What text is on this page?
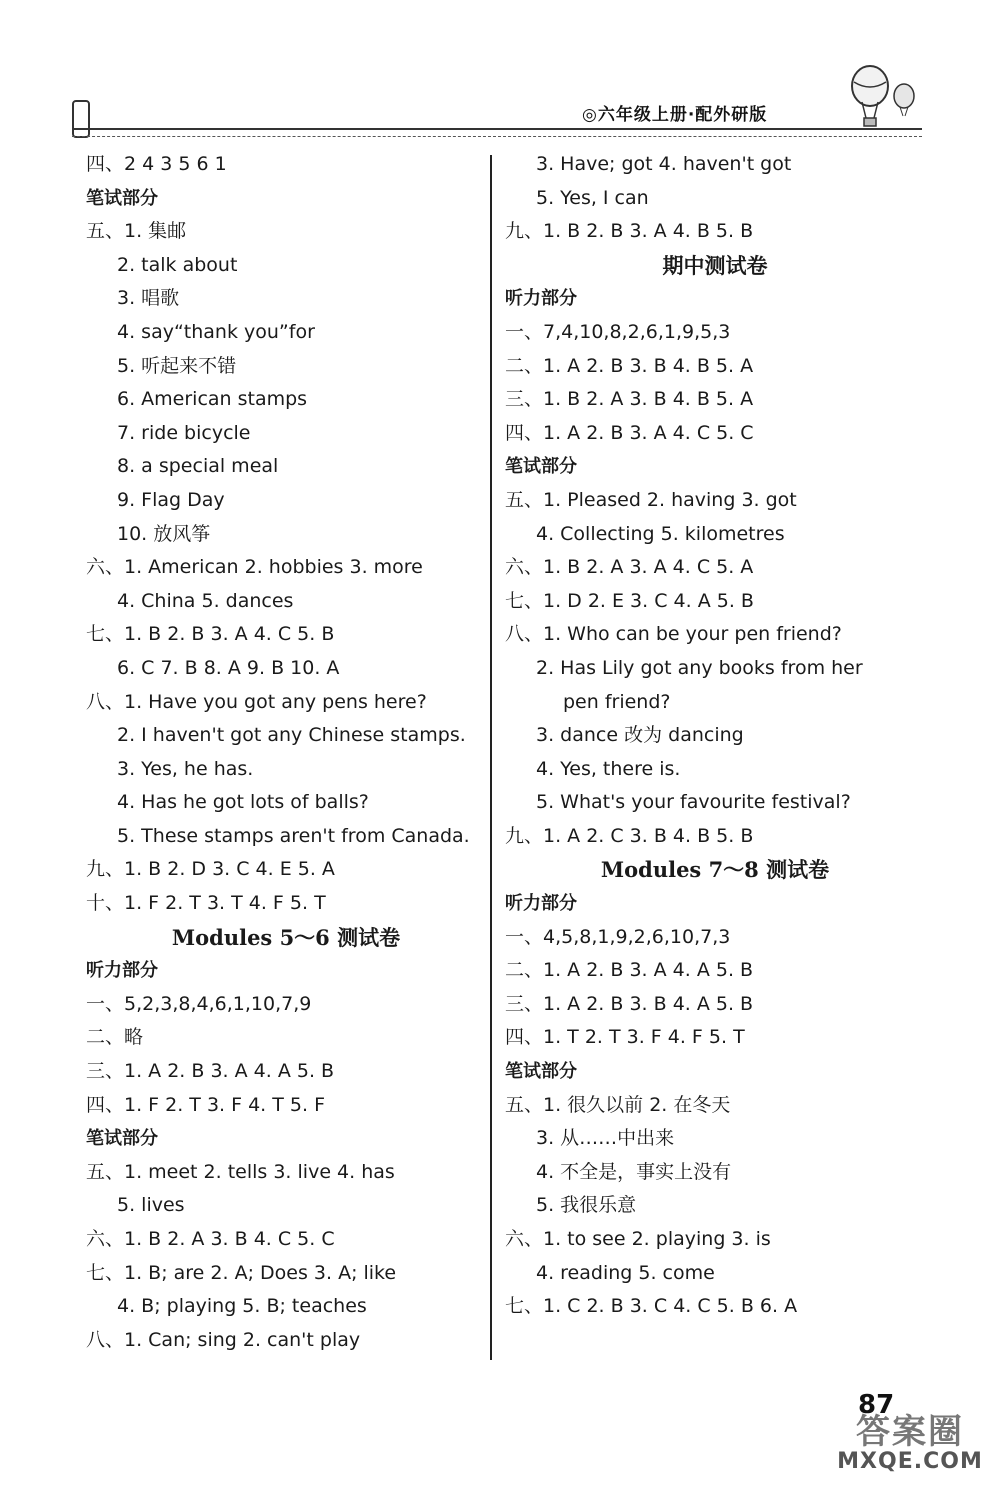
◎六年级上册·配外研版
四、2 4 3 5 6 1
笔试部分
五、1. 集邮
2. talk about
3. 唱歌
4. say“thank you”for
5. 听起来不错
6. American stamps
7. ride bicycle
8. a special meal
9. Flag Day
10. 放风筝
六、1. American 2. hobbies 3. more
4. China 5. dances
七、1. B 2. B 3. A 4. C 5. B
6. C 7. B 8. A 9. B 10. A
八、1. Have you got any pens here?
2. I haven't got any Chinese stamps.
3. Yes, he has.
4. Has he got lots of balls?
5. These stamps aren't from Canada.
九、1. B 2. D 3. C 4. E 5. A
十、1. F 2. T 3. T 4. F 5. T
Modules 5～6 测试卷
听力部分
一、5,2,3,8,4,6,1,10,7,9
二、略
三、1. A 2. B 3. A 4. A 5. B
四、1. F 2. T 3. F 4. T 5. F
笔试部分
五、1. meet 2. tells 3. live 4. has
5. lives
六、1. B 2. A 3. B 4. C 5. C
七、1. B; are 2. A; Does 3. A; like
4. B; playing 5. B; teaches
八、1. Can; sing 2. can't play
3. Have; got 4. haven't got
5. Yes, I can
九、1. B 2. B 3. A 4. B 5. B
期中测试卷
听力部分
一、7,4,10,8,2,6,1,9,5,3
二、1. A 2. B 3. B 4. B 5. A
三、1. B 2. A 3. B 4. B 5. A
四、1. A 2. B 3. A 4. C 5. C
笔试部分
五、1. Pleased 2. having 3. got
4. Collecting 5. kilometres
六、1. B 2. A 3. A 4. C 5. A
七、1. D 2. E 3. C 4. A 5. B
八、1. Who can be your pen friend?
2. Has Lily got any books from her
pen friend?
3. dance 改为 dancing
4. Yes, there is.
5. What's your favourite festival?
九、1. A 2. C 3. B 4. B 5. B
Modules 7～8 测试卷
听力部分
一、4,5,8,1,9,2,6,10,7,3
二、1. A 2. B 3. A 4. A 5. B
三、1. A 2. B 3. B 4. A 5. B
四、1. T 2. T 3. F 4. F 5. T
笔试部分
五、1. 很久以前 2. 在冬天
3. 从……中出来
4. 不全是，事实上没有
5. 我很乐意
六、1. to see 2. playing 3. is
4. reading 5. come
七、1. C 2. B 3. C 4. C 5. B 6. A
87
答案圈
MXQE.COM
